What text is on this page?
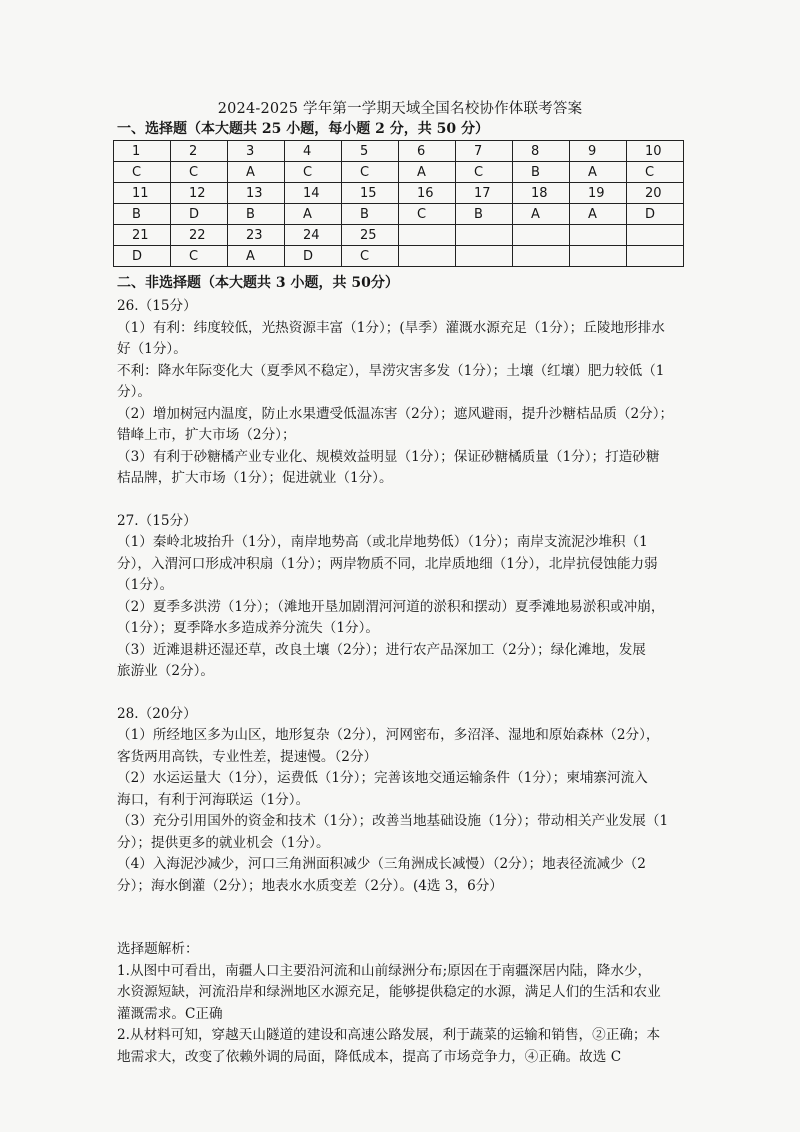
2024-2025 学年第一学期天域全国名校协作体联考答案
一、选择题（本大题共 25 小题，每小题 2 分，共 50 分）
1	2	3	4	5	6	7	8	9	10
C	C	A	C	C	A	C	B	A	C
11	12	13	14	15	16	17	18	19	20
B	D	B	A	B	C	B	A	A	D
21	22	23	24	25					
D	C	A	D	C					
二、非选择题（本大题共 3 小题，共 50分）

26.（15分）

（1）有利：纬度较低，光热资源丰富（1分）；(旱季）灌溉水源充足（1分）；丘陵地形排水

好（1分）。

不利：降水年际变化大（夏季风不稳定），旱涝灾害多发（1分）；土壤（红壤）肥力较低（1

分）。

（2）增加树冠内温度，防止水果遭受低温冻害（2分）；遮风避雨，提升沙糖桔品质（2分）；

错峰上市，扩大市场（2分）；

（3）有利于砂糖橘产业专业化、规模效益明显（1分）；保证砂糖橘质量（1分）；打造砂糖

桔品牌，扩大市场（1分）；促进就业（1分）。

27.（15分）

（1）秦岭北坡抬升（1分），南岸地势高（或北岸地势低）（1分）；南岸支流泥沙堆积（1

分），入渭河口形成冲积扇（1分）；两岸物质不同，北岸质地细（1分），北岸抗侵蚀能力弱

（1分）。

（2）夏季多洪涝（1分）；（滩地开垦加剧渭河河道的淤积和摆动）夏季滩地易淤积或冲崩，

（1分）；夏季降水多造成养分流失（1分）。

（3）近滩退耕还湿还草，改良土壤（2分）；进行农产品深加工（2分）；绿化滩地，发展

旅游业（2分）。

28.（20分）

（1）所经地区多为山区，地形复杂（2分），河网密布，多沼泽、湿地和原始森林（2分），

客货两用高铁，专业性差，提速慢。（2分）

（2）水运运量大（1分），运费低（1分）；完善该地交通运输条件（1分）；柬埔寨河流入

海口，有利于河海联运（1分）。

（3）充分引用国外的资金和技术（1分）；改善当地基础设施（1分）；带动相关产业发展（1

分）；提供更多的就业机会（1分）。

（4）入海泥沙减少，河口三角洲面积减少（三角洲成长减慢）（2分）；地表径流减少（2

分）；海水倒灌（2分）；地表水水质变差（2分）。(4选 3，6分）

选择题解析：

1.从图中可看出，南疆人口主要沿河流和山前绿洲分布;原因在于南疆深居内陆，降水少，

水资源短缺，河流沿岸和绿洲地区水源充足，能够提供稳定的水源，满足人们的生活和农业

灌溉需求。C正确

2.从材料可知，穿越天山隧道的建设和高速公路发展，利于蔬菜的运输和销售，②正确；本

地需求大，改变了依赖外调的局面，降低成本，提高了市场竞争力，④正确。故选 C
